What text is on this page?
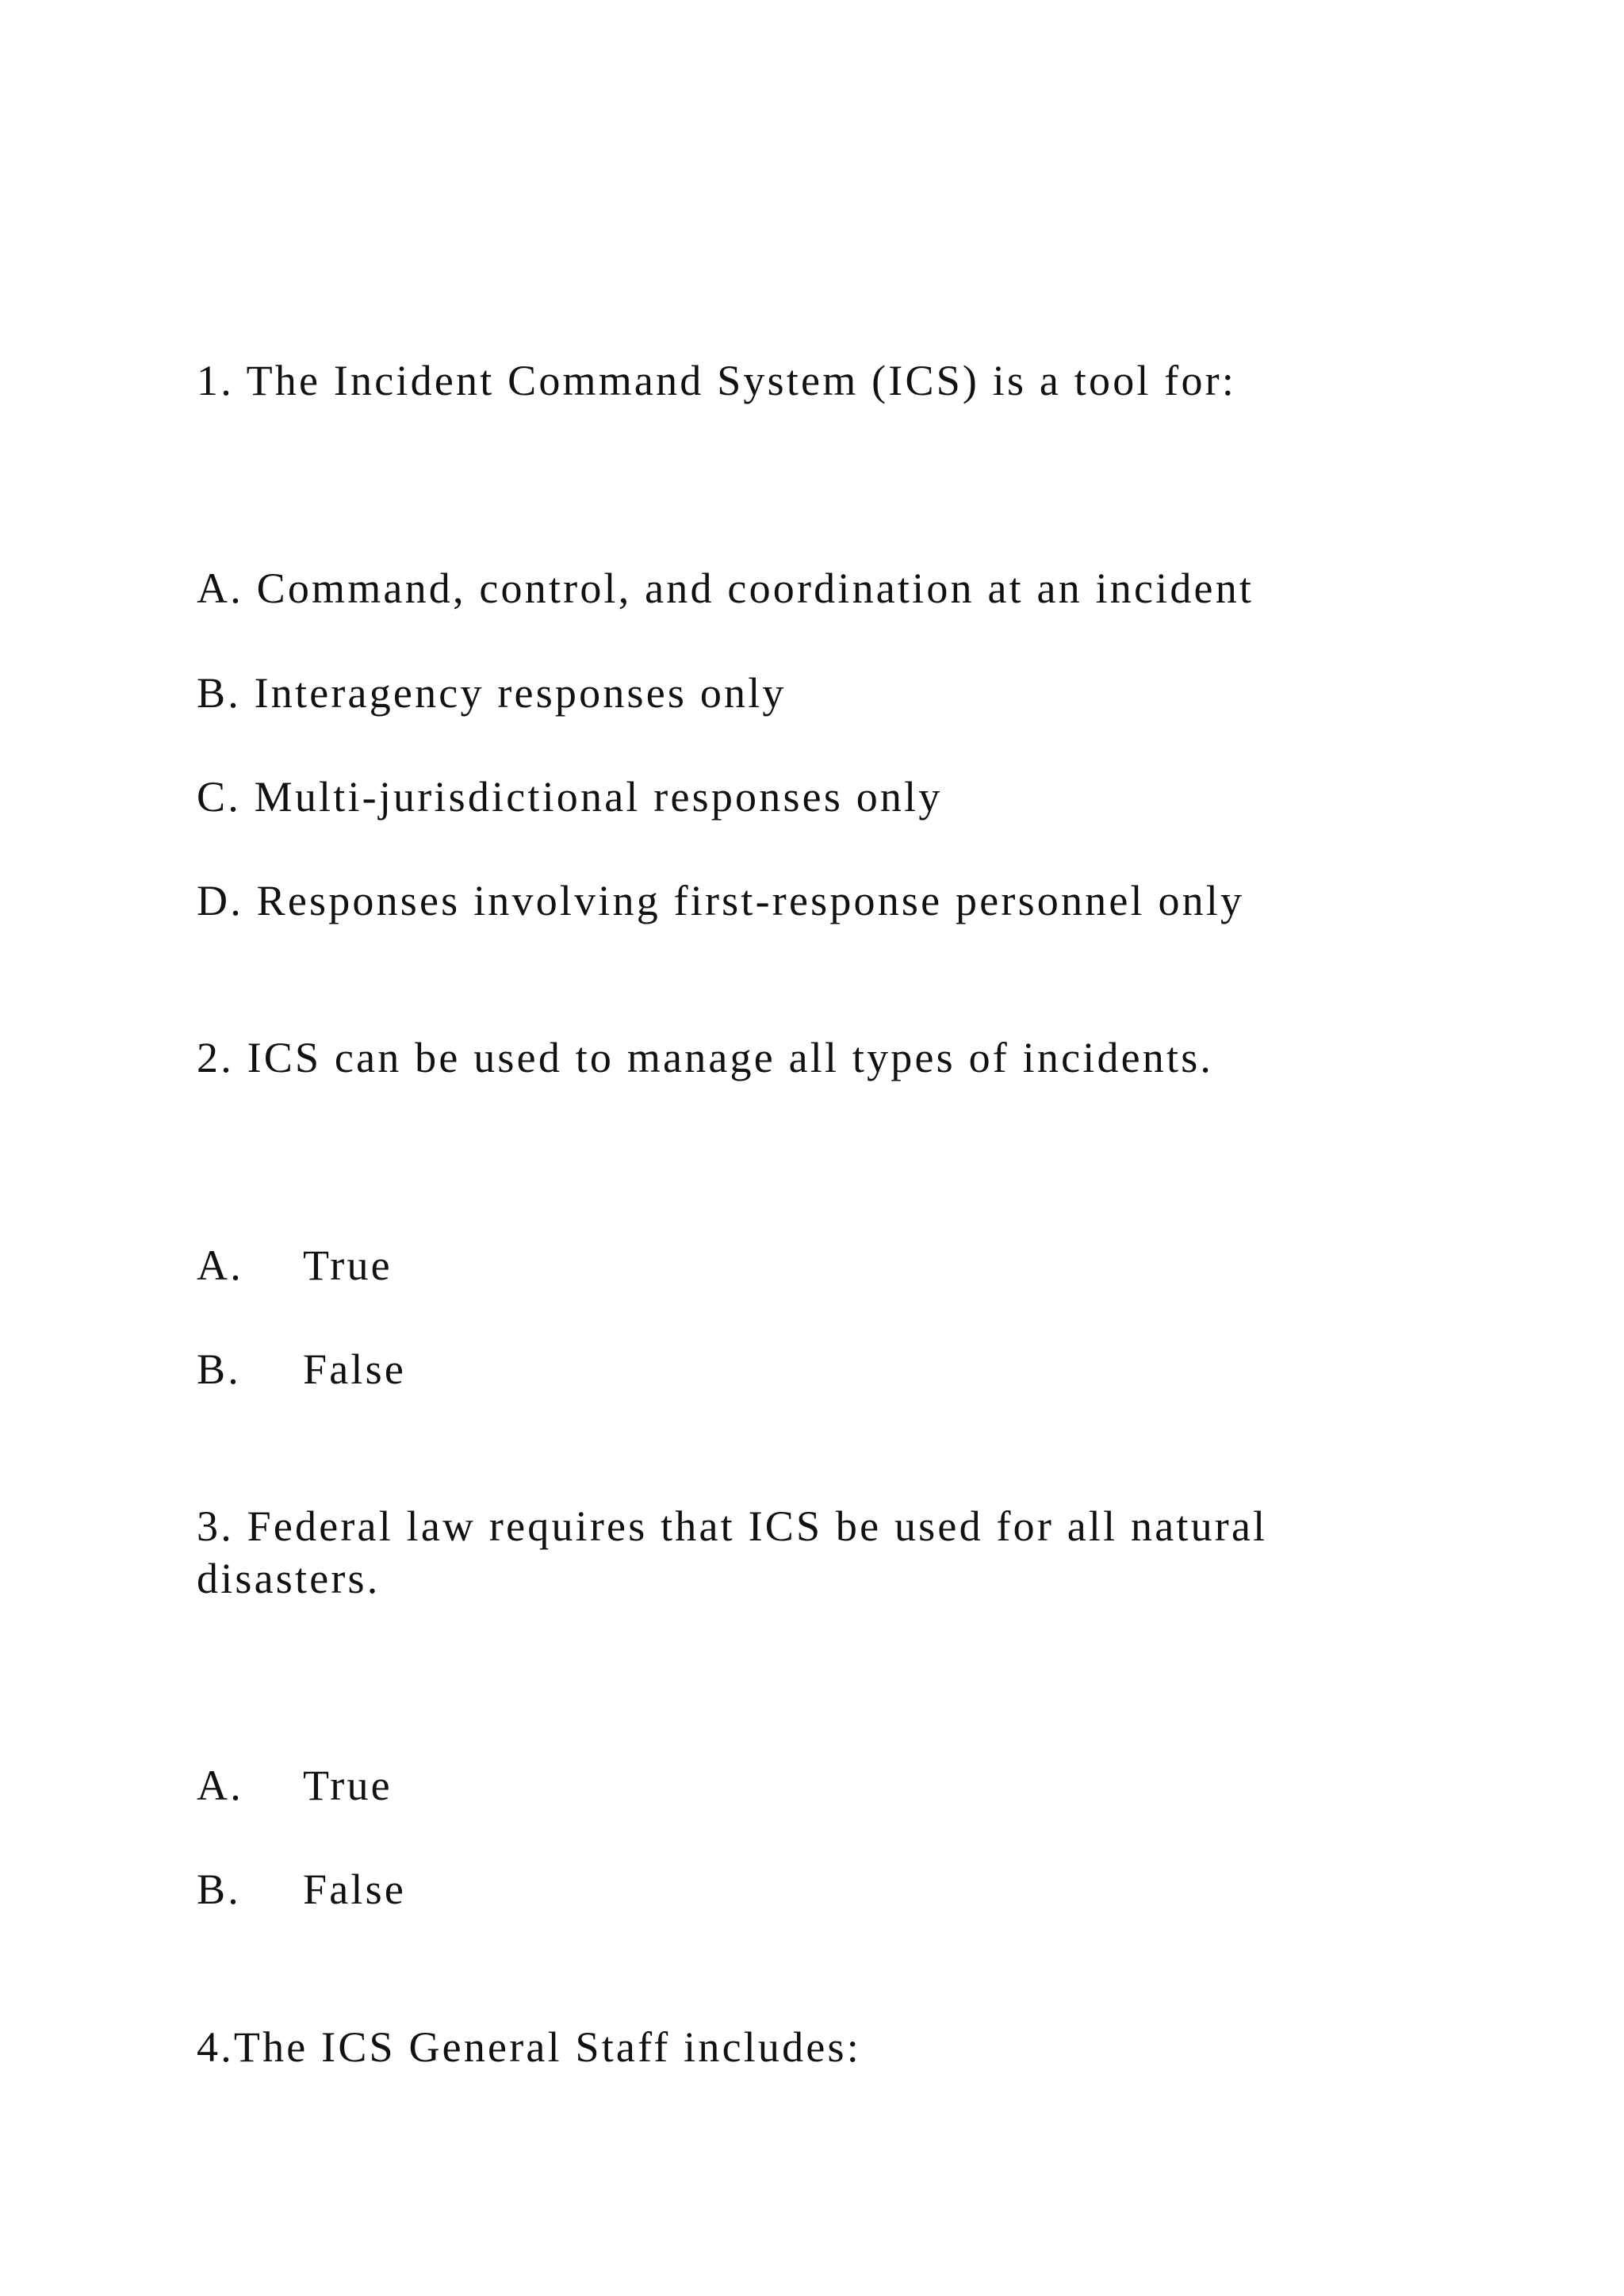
1. The Incident Command System (ICS) is a tool for:

A. Command, control, and coordination at an incident

B. Interagency responses only

C. Multi-jurisdictional responses only

D. Responses involving first-response personnel only

2. ICS can be used to manage all types of incidents.

A.	True
B.	False

3. Federal law requires that ICS be used for all natural disasters.

A.	True
B.	False

4.The ICS General Staff includes:
